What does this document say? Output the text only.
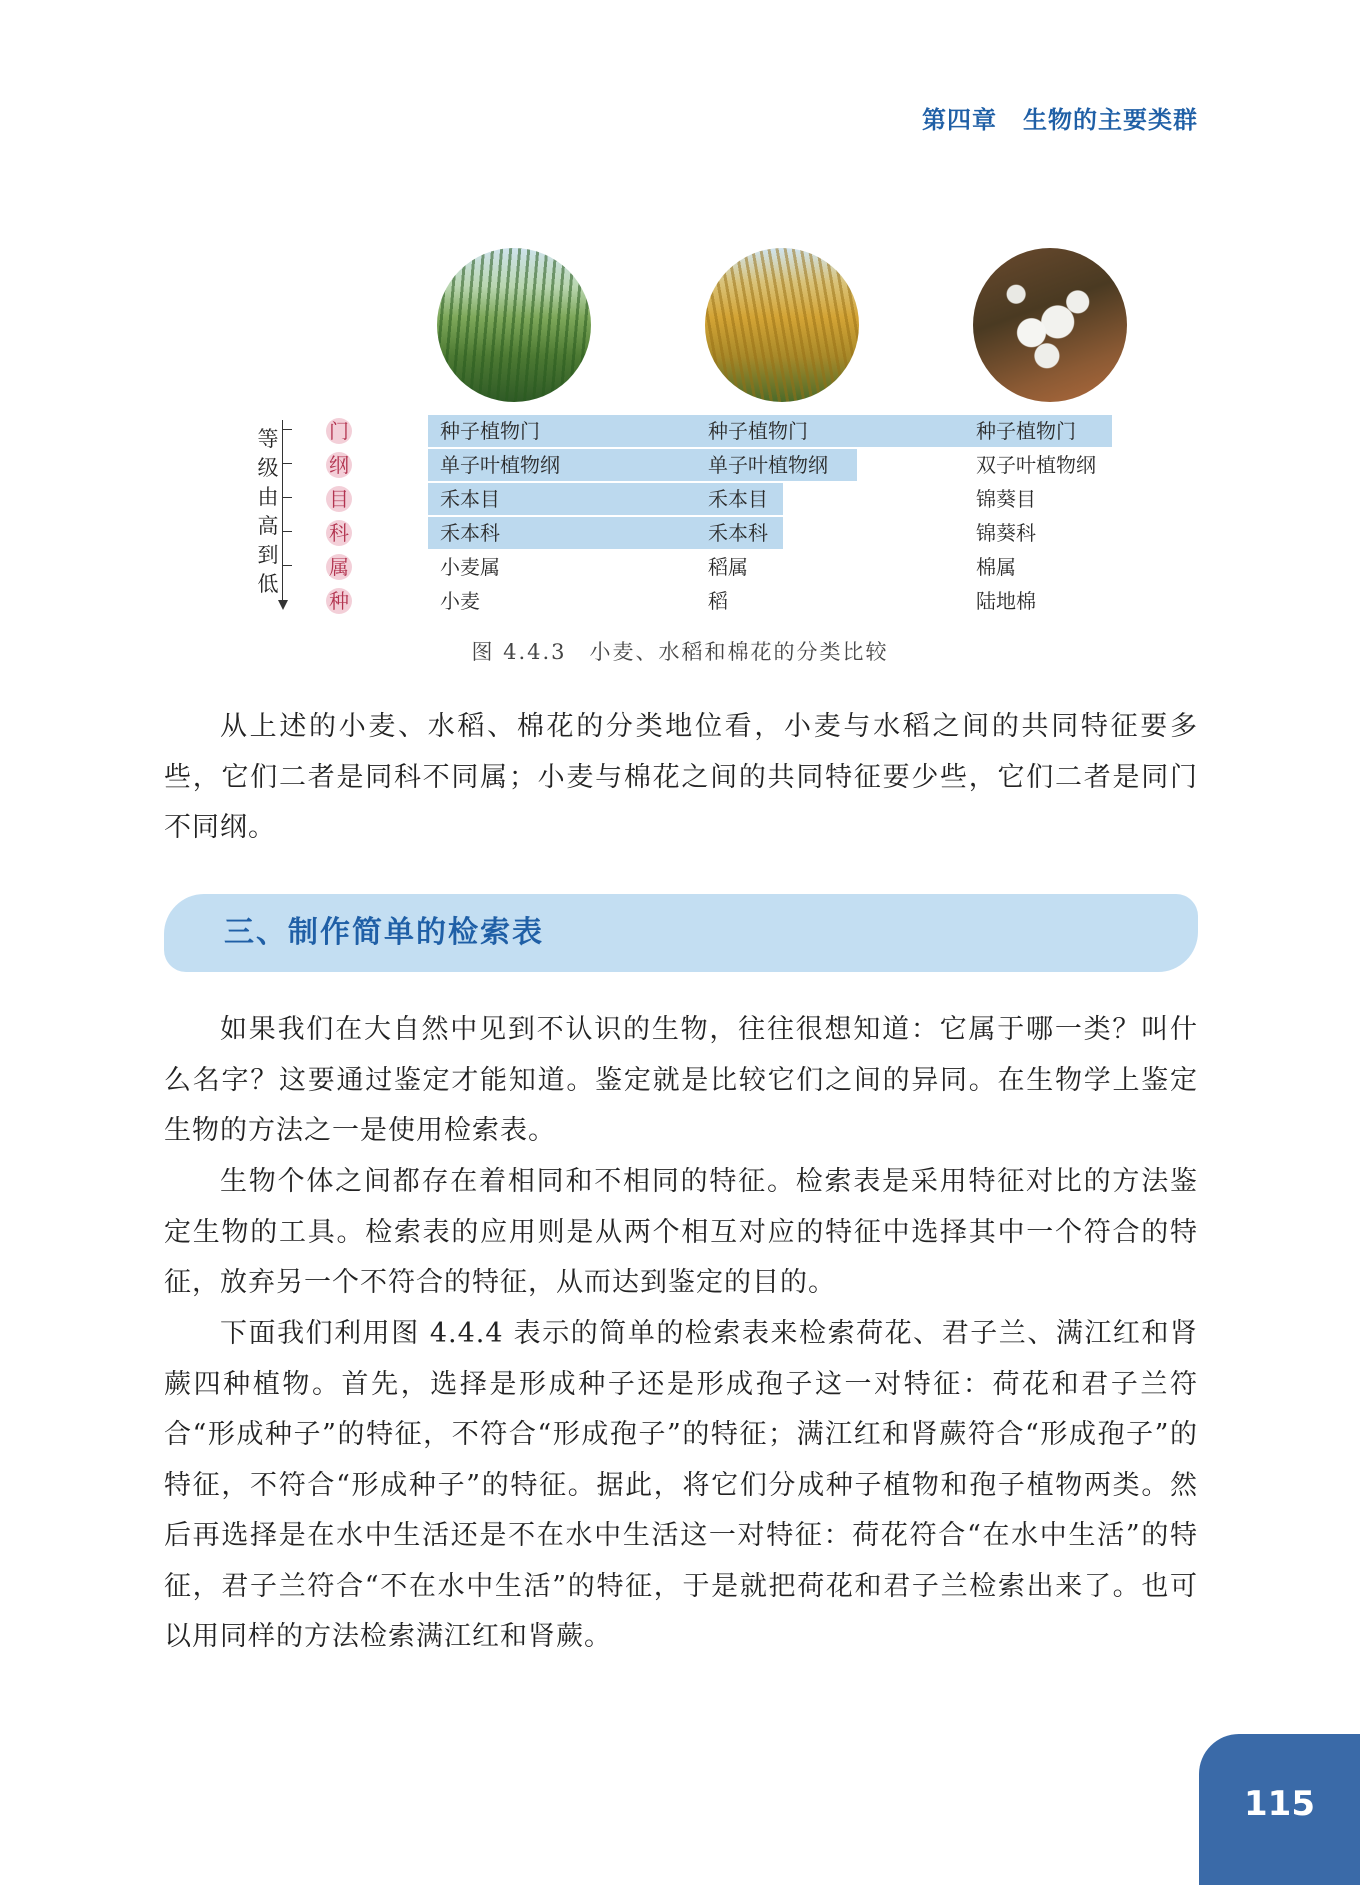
第四章 生物的主要类群
等
级
由
高
到
低
门
纲
目
科
属
种
种子植物门
单子叶植物纲
禾本目
禾本科
小麦属
小麦
种子植物门
单子叶植物纲
禾本目
禾本科
稻属
稻
种子植物门
双子叶植物纲
锦葵目
锦葵科
棉属
陆地棉
图 4.4.3　小麦、水稻和棉花的分类比较

从上述的小麦、水稻、棉花的分类地位看，小麦与水稻之间的共同特征要多些，它们二者是同科不同属；小麦与棉花之间的共同特征要少些，它们二者是同门不同纲。

三、制作简单的检索表

如果我们在大自然中见到不认识的生物，往往很想知道：它属于哪一类？叫什么名字？这要通过鉴定才能知道。鉴定就是比较它们之间的异同。在生物学上鉴定生物的方法之一是使用检索表。

生物个体之间都存在着相同和不相同的特征。检索表是采用特征对比的方法鉴定生物的工具。检索表的应用则是从两个相互对应的特征中选择其中一个符合的特征，放弃另一个不符合的特征，从而达到鉴定的目的。

下面我们利用图 4.4.4 表示的简单的检索表来检索荷花、君子兰、满江红和肾蕨四种植物。首先，选择是形成种子还是形成孢子这一对特征：荷花和君子兰符合“形成种子”的特征，不符合“形成孢子”的特征；满江红和肾蕨符合“形成孢子”的特征，不符合“形成种子”的特征。据此，将它们分成种子植物和孢子植物两类。然后再选择是在水中生活还是不在水中生活这一对特征：荷花符合“在水中生活”的特征，君子兰符合“不在水中生活”的特征，于是就把荷花和君子兰检索出来了。也可以用同样的方法检索满江红和肾蕨。

115
